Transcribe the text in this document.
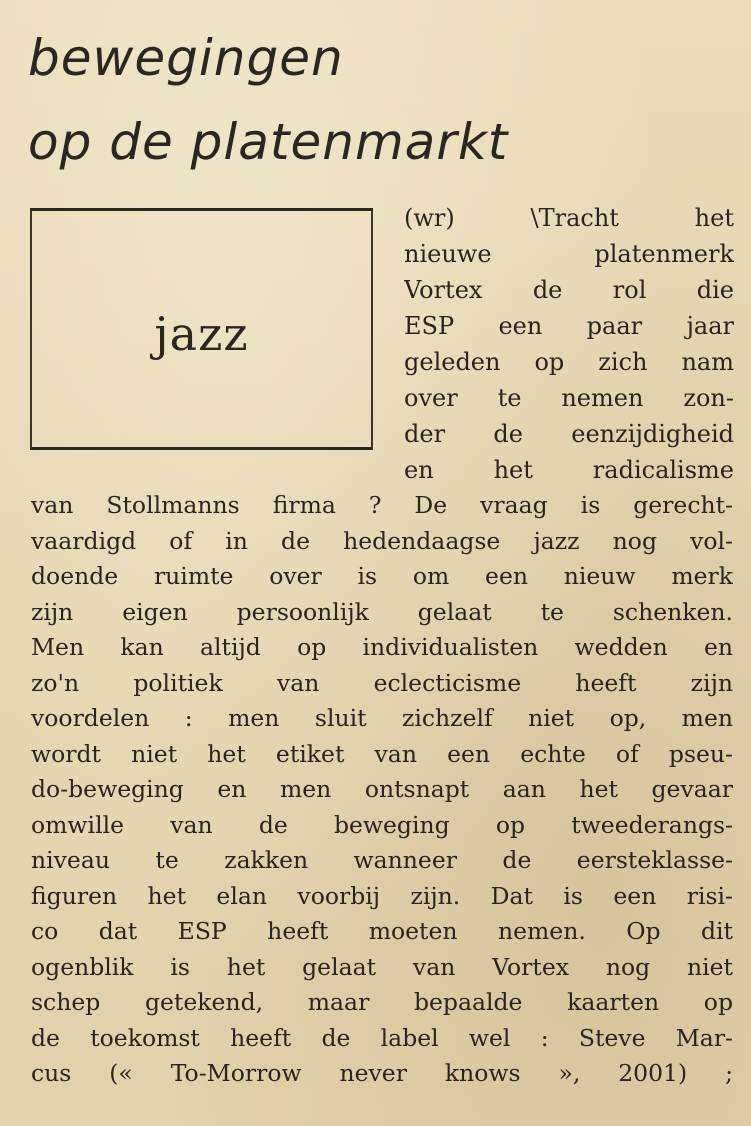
bewegingen
op de platenmarkt
jazz
(wr) \Tracht het
nieuwe platenmerk
Vortex de rol die
ESP een paar jaar
geleden op zich nam
over te nemen zon-
der de eenzijdigheid
en het radicalisme
van Stollmanns firma ? De vraag is gerecht-
vaardigd of in de hedendaagse jazz nog vol-
doende ruimte over is om een nieuw merk
zijn eigen persoonlijk gelaat te schenken.
Men kan altijd op individualisten wedden en
zo'n politiek van eclecticisme heeft zijn
voordelen : men sluit zichzelf niet op, men
wordt niet het etiket van een echte of pseu-
do-beweging en men ontsnapt aan het gevaar
omwille van de beweging op tweederangs-
niveau te zakken wanneer de eersteklasse-
figuren het elan voorbij zijn. Dat is een risi-
co dat ESP heeft moeten nemen. Op dit
ogenblik is het gelaat van Vortex nog niet
schep getekend, maar bepaalde kaarten op
de toekomst heeft de label wel : Steve Mar-
cus (« To-Morrow never knows », 2001) ;
